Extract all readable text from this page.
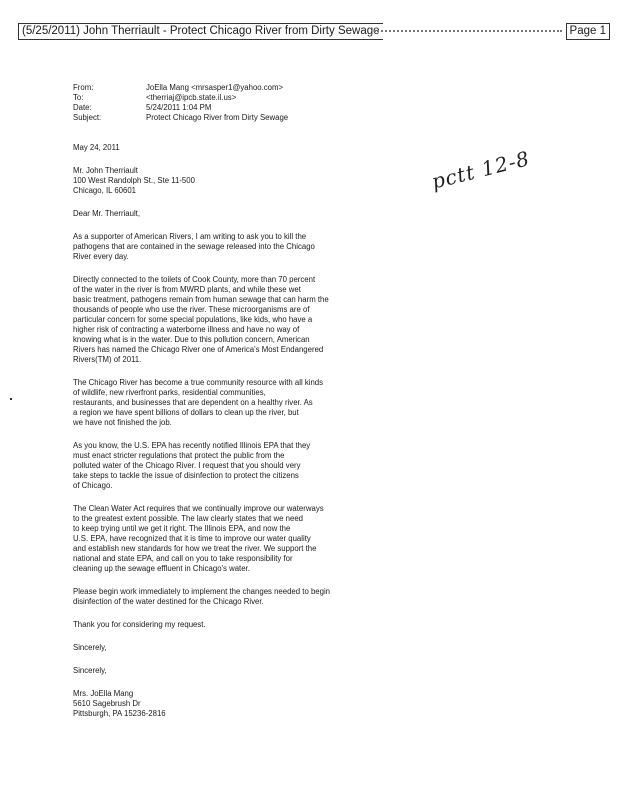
(5/25/2011) John Therriault - Protect Chicago River from Dirty Sewage	Page 1
From:	JoElla Mang <mrsasper1@yahoo.com>
To:	<therriaj@ipcb.state.il.us>
Date:	5/24/2011 1:04 PM
Subject:	Protect Chicago River from Dirty Sewage
pctt 12-8
May 24, 2011
Mr. John Therriault
100 West Randolph St., Ste 11-500
Chicago, IL 60601
Dear Mr. Therriault,
As a supporter of American Rivers, I am writing to ask you to kill the
pathogens that are contained in the sewage released into the Chicago
River every day.
Directly connected to the toilets of Cook County, more than 70 percent
of the water in the river is from MWRD plants, and while these wet
basic treatment, pathogens remain from human sewage that can harm the
thousands of people who use the river. These microorganisms are of
particular concern for some special populations, like kids, who have a
higher risk of contracting a waterborne illness and have no way of
knowing what is in the water. Due to this pollution concern, American
Rivers has named the Chicago River one of America's Most Endangered
Rivers(TM) of 2011.
The Chicago River has become a true community resource with all kinds
of wildlife, new riverfront parks, residential communities,
restaurants, and businesses that are dependent on a healthy river. As
a region we have spent billions of dollars to clean up the river, but
we have not finished the job.
As you know, the U.S. EPA has recently notified Illinois EPA that they
must enact stricter regulations that protect the public from the
polluted water of the Chicago River. I request that you should very
take steps to tackle the issue of disinfection to protect the citizens
of Chicago.
The Clean Water Act requires that we continually improve our waterways
to the greatest extent possible. The law clearly states that we need
to keep trying until we get it right. The Illinois EPA, and now the
U.S. EPA, have recognized that it is time to improve our water quality
and establish new standards for how we treat the river. We support the
national and state EPA, and call on you to take responsibility for
cleaning up the sewage effluent in Chicago's water.
Please begin work immediately to implement the changes needed to begin
disinfection of the water destined for the Chicago River.
Thank you for considering my request.
Sincerely,
Sincerely,
Mrs. JoElla Mang
5610 Sagebrush Dr
Pittsburgh, PA 15236-2816
